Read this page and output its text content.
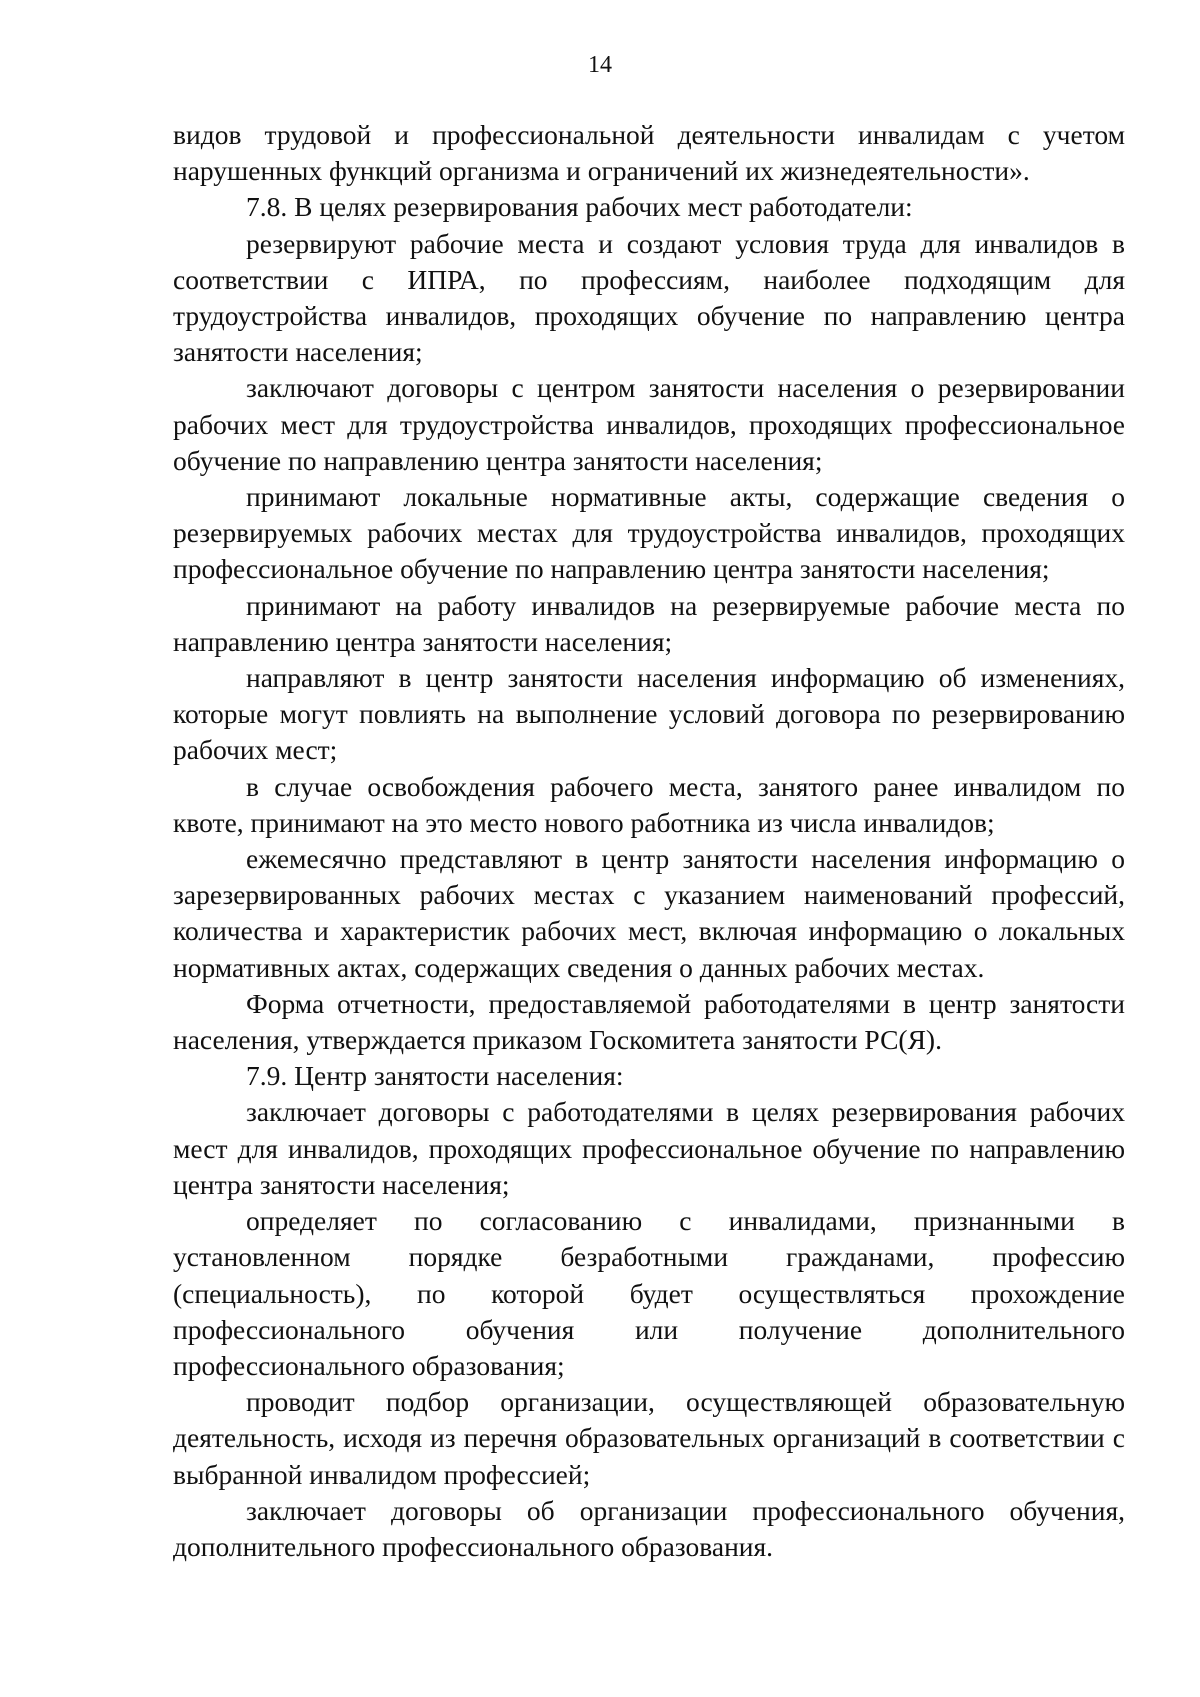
14

видов трудовой и профессиональной деятельности инвалидам с учетом нарушенных функций организма и ограничений их жизнедеятельности».

7.8. В целях резервирования рабочих мест работодатели:

резервируют рабочие места и создают условия труда для инвалидов в соответствии с ИПРА, по профессиям, наиболее подходящим для трудоустройства инвалидов, проходящих обучение по направлению центра занятости населения;

заключают договоры с центром занятости населения о резервировании рабочих мест для трудоустройства инвалидов, проходящих профессиональное обучение по направлению центра занятости населения;

принимают локальные нормативные акты, содержащие сведения о резервируемых рабочих местах для трудоустройства инвалидов, проходящих профессиональное обучение по направлению центра занятости населения;

принимают на работу инвалидов на резервируемые рабочие места по направлению центра занятости населения;

направляют в центр занятости населения информацию об изменениях, которые могут повлиять на выполнение условий договора по резервированию рабочих мест;

в случае освобождения рабочего места, занятого ранее инвалидом по квоте, принимают на это место нового работника из числа инвалидов;

ежемесячно представляют в центр занятости населения информацию о зарезервированных рабочих местах с указанием наименований профессий, количества и характеристик рабочих мест, включая информацию о локальных нормативных актах, содержащих сведения о данных рабочих местах.

Форма отчетности, предоставляемой работодателями в центр занятости населения, утверждается приказом Госкомитета занятости РС(Я).

7.9. Центр занятости населения:

заключает договоры с работодателями в целях резервирования рабочих мест для инвалидов, проходящих профессиональное обучение по направлению центра занятости населения;

определяет по согласованию с инвалидами, признанными в установленном порядке безработными гражданами, профессию (специальность), по которой будет осуществляться прохождение профессионального обучения или получение дополнительного профессионального образования;

проводит подбор организации, осуществляющей образовательную деятельность, исходя из перечня образовательных организаций в соответствии с выбранной инвалидом профессией;

заключает договоры об организации профессионального обучения, дополнительного профессионального образования.
